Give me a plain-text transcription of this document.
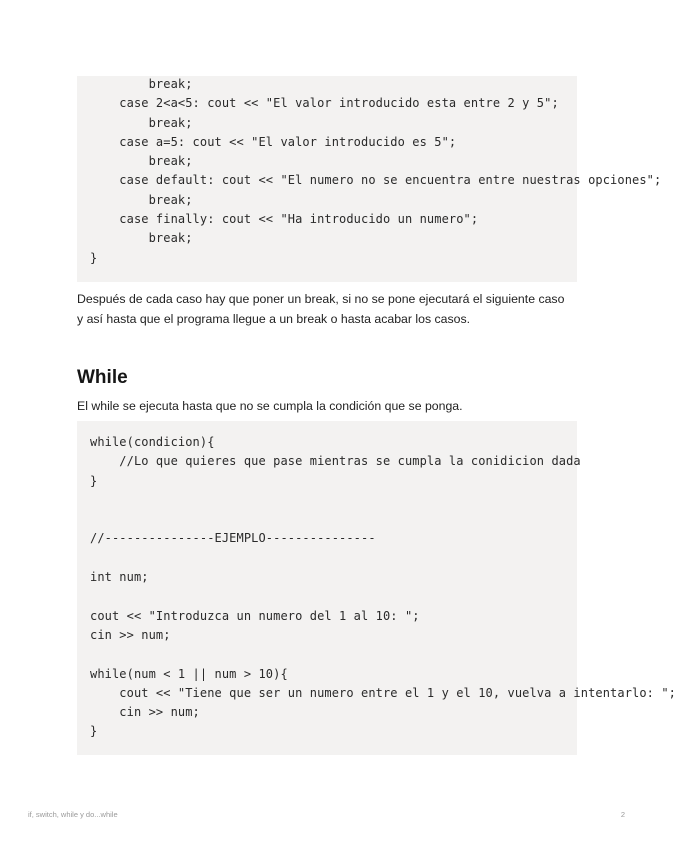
break;
case 2<a<5: cout << "El valor introducido esta entre 2 y 5";
break;
case a=5: cout << "El valor introducido es 5";
break;
case default: cout << "El numero no se encuentra entre nuestras opciones";
break;
case finally: cout << "Ha introducido un numero";
break;
}

Después de cada caso hay que poner un break, si no se pone ejecutará el siguiente caso y así hasta que el programa llegue a un break o hasta acabar los casos.

While

El while se ejecuta hasta que no se cumpla la condición que se ponga.

while(condicion){
//Lo que quieres que pase mientras se cumpla la conidicion dada
}
//---------------EJEMPLO---------------
int num;
cout << "Introduzca un numero del 1 al 10: ";
cin >> num;
while(num < 1 || num > 10){
cout << "Tiene que ser un numero entre el 1 y el 10, vuelva a intentarlo: ";
cin >> num;
}
if, switch, while y do...while	2
